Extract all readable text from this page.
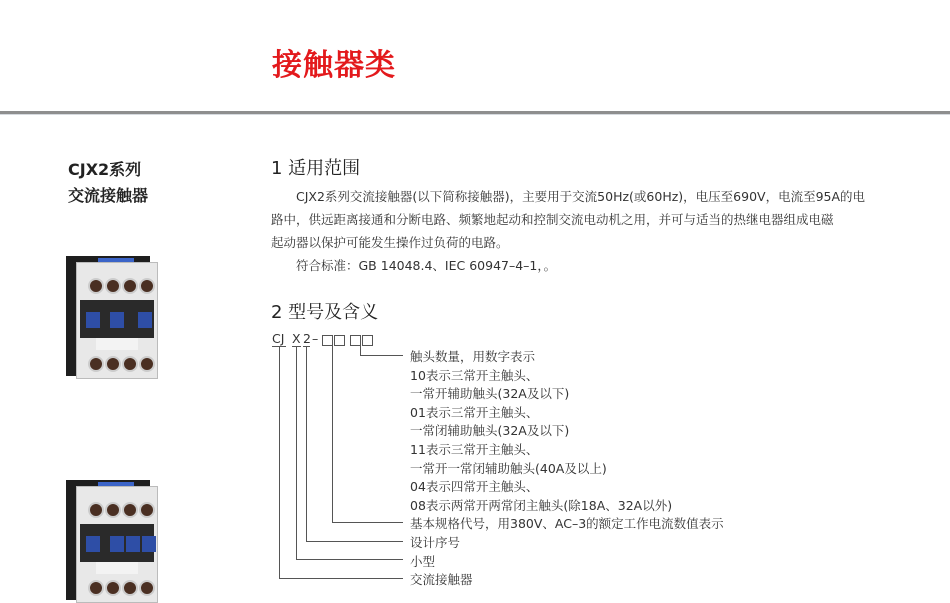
接触器类
CJX2系列
交流接触器
1 适用范围

CJX2系列交流接触器(以下简称接触器)，主要用于交流50Hz(或60Hz)，电压至690V，电流至95A的电

路中，供远距离接通和分断电路、频繁地起动和控制交流电动机之用，并可与适当的热继电器组成电磁

起动器以保护可能发生操作过负荷的电路。

符合标准：GB 14048.4、IEC 60947–4–1，。

2 型号及含义
CJ X 2 –
触头数量，用数字表示
10表示三常开主触头、
一常开辅助触头(32A及以下)
01表示三常开主触头、
一常闭辅助触头(32A及以下)
11表示三常开主触头、
一常开一常闭辅助触头(40A及以上)
04表示四常开主触头、
08表示两常开两常闭主触头(除18A、32A以外)
基本规格代号，用380V、AC–3的额定工作电流数值表示
设计序号
小型
交流接触器
